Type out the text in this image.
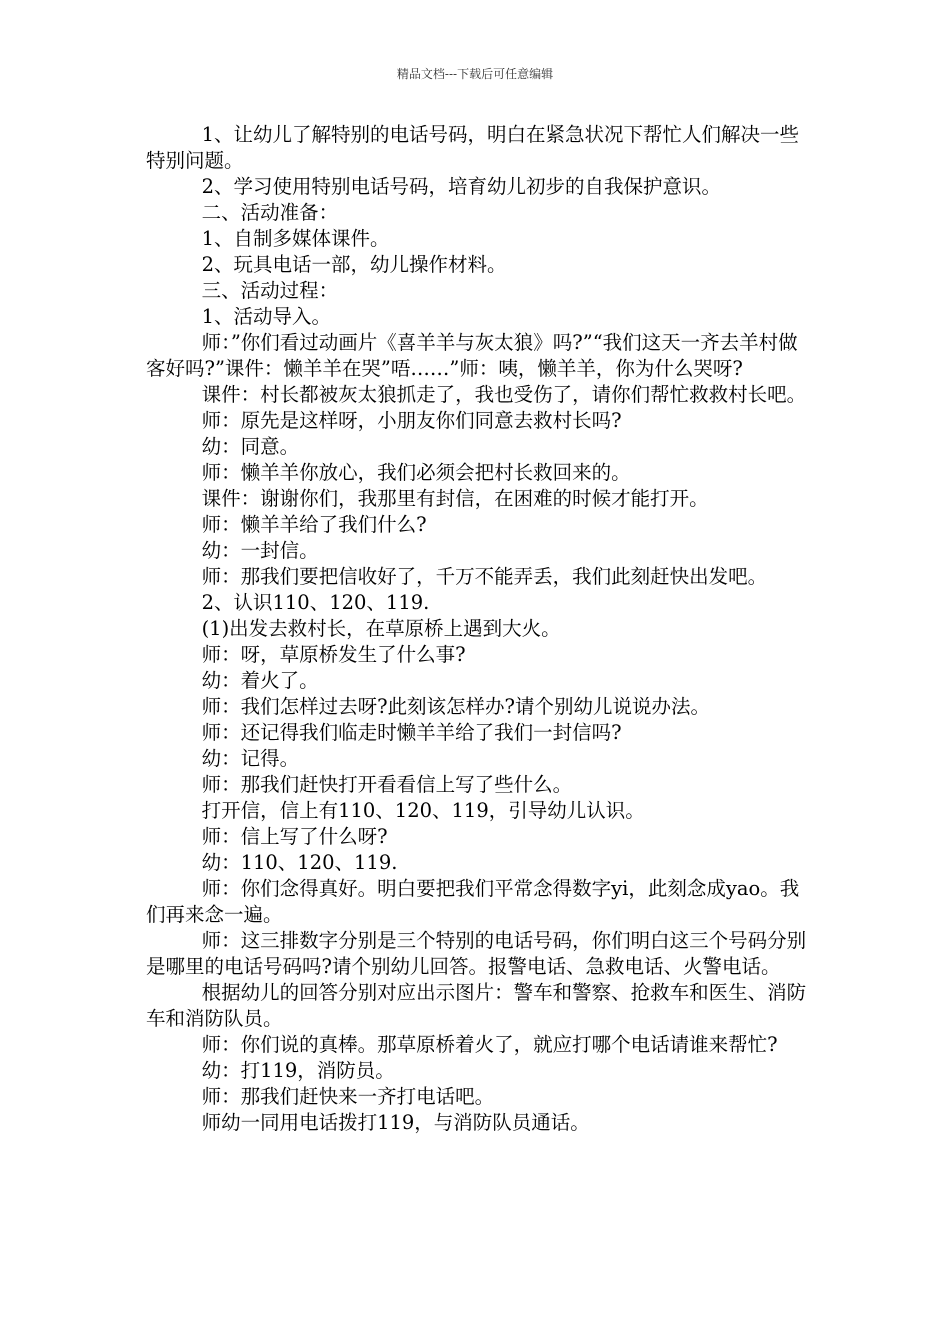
精品文档---下载后可任意编辑

1、让幼儿了解特别的电话号码，明白在紧急状况下帮忙人们解决一些特别问题。

2、学习使用特别电话号码，培育幼儿初步的自我保护意识。

二、活动准备：

1、自制多媒体课件。

2、玩具电话一部，幼儿操作材料。

三、活动过程：

1、活动导入。

师：”你们看过动画片《喜羊羊与灰太狼》吗?”“我们这天一齐去羊村做客好吗?”课件：懒羊羊在哭”唔……”师：咦，懒羊羊，你为什么哭呀?

课件：村长都被灰太狼抓走了，我也受伤了，请你们帮忙救救村长吧。

师：原先是这样呀，小朋友你们同意去救村长吗?

幼：同意。

师：懒羊羊你放心，我们必须会把村长救回来的。

课件：谢谢你们，我那里有封信，在困难的时候才能打开。

师：懒羊羊给了我们什么?

幼：一封信。

师：那我们要把信收好了，千万不能弄丢，我们此刻赶快出发吧。

2、认识110、120、119.

(1)出发去救村长，在草原桥上遇到大火。

师：呀，草原桥发生了什么事?

幼：着火了。

师：我们怎样过去呀?此刻该怎样办?请个别幼儿说说办法。

师：还记得我们临走时懒羊羊给了我们一封信吗?

幼：记得。

师：那我们赶快打开看看信上写了些什么。

打开信，信上有110、120、119，引导幼儿认识。

师：信上写了什么呀?

幼：110、120、119.

师：你们念得真好。明白要把我们平常念得数字yi，此刻念成yao。我们再来念一遍。

师：这三排数字分别是三个特别的电话号码，你们明白这三个号码分别是哪里的电话号码吗?请个别幼儿回答。报警电话、急救电话、火警电话。

根据幼儿的回答分别对应出示图片：警车和警察、抢救车和医生、消防车和消防队员。

师：你们说的真棒。那草原桥着火了，就应打哪个电话请谁来帮忙?

幼：打119，消防员。

师：那我们赶快来一齐打电话吧。

师幼一同用电话拨打119，与消防队员通话。
